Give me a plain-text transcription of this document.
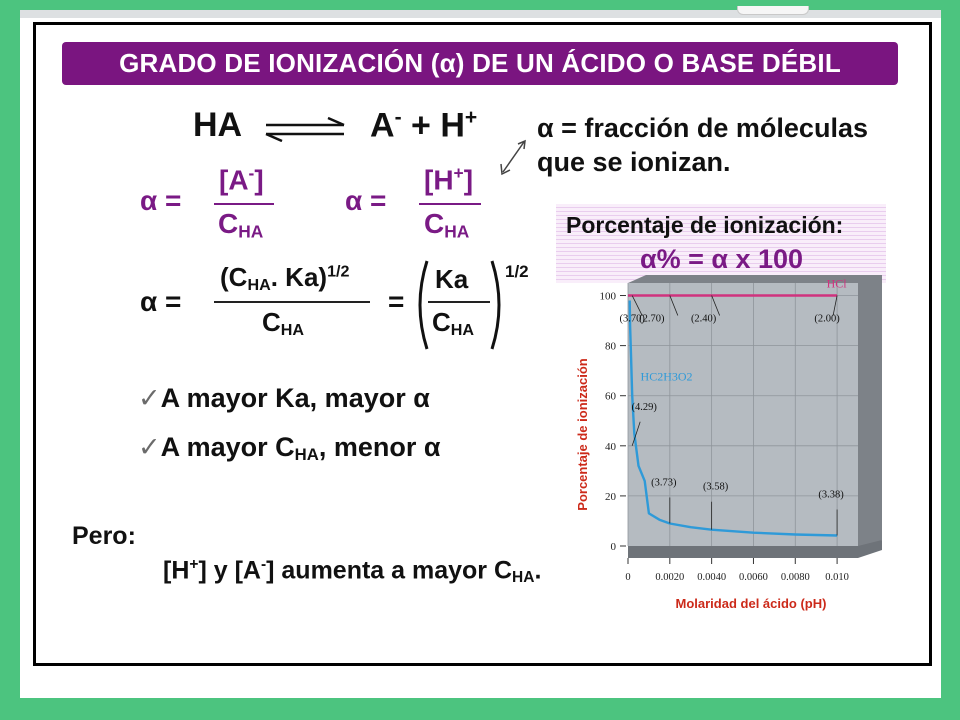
GRADO DE IONIZACIÓN (α) DE UN ÁCIDO O BASE DÉBIL
HA	A- + H+ α = fracción de móleculas
que se ionizan.
α =
[A-]
$C_{HA}$
α =
[H+]
$C_{HA}$
α =
($C_{HA}$. Ka)$^{1/2}$
$C_{HA}$
=
Ka
$C_{HA}$
1/2
✓A mayor Ka, mayor α
✓A mayor $C_{HA}$, menor α
Pero:
[H+] y [A-] aumenta a mayor $C_{HA}$.
Porcentaje de ionización:
α% = α x 100
0
20
40
60
80
100
0 0.0020 0.0040 0.0060 0.0080 0.010
HCl
HC2H3O2
(3.70)
(2.70)	(2.40)	(2.00)
(4.29)
(3.73)	(3.58)
(3.38)
Molaridad del ácido (pH)
Porcentaje de ionización
